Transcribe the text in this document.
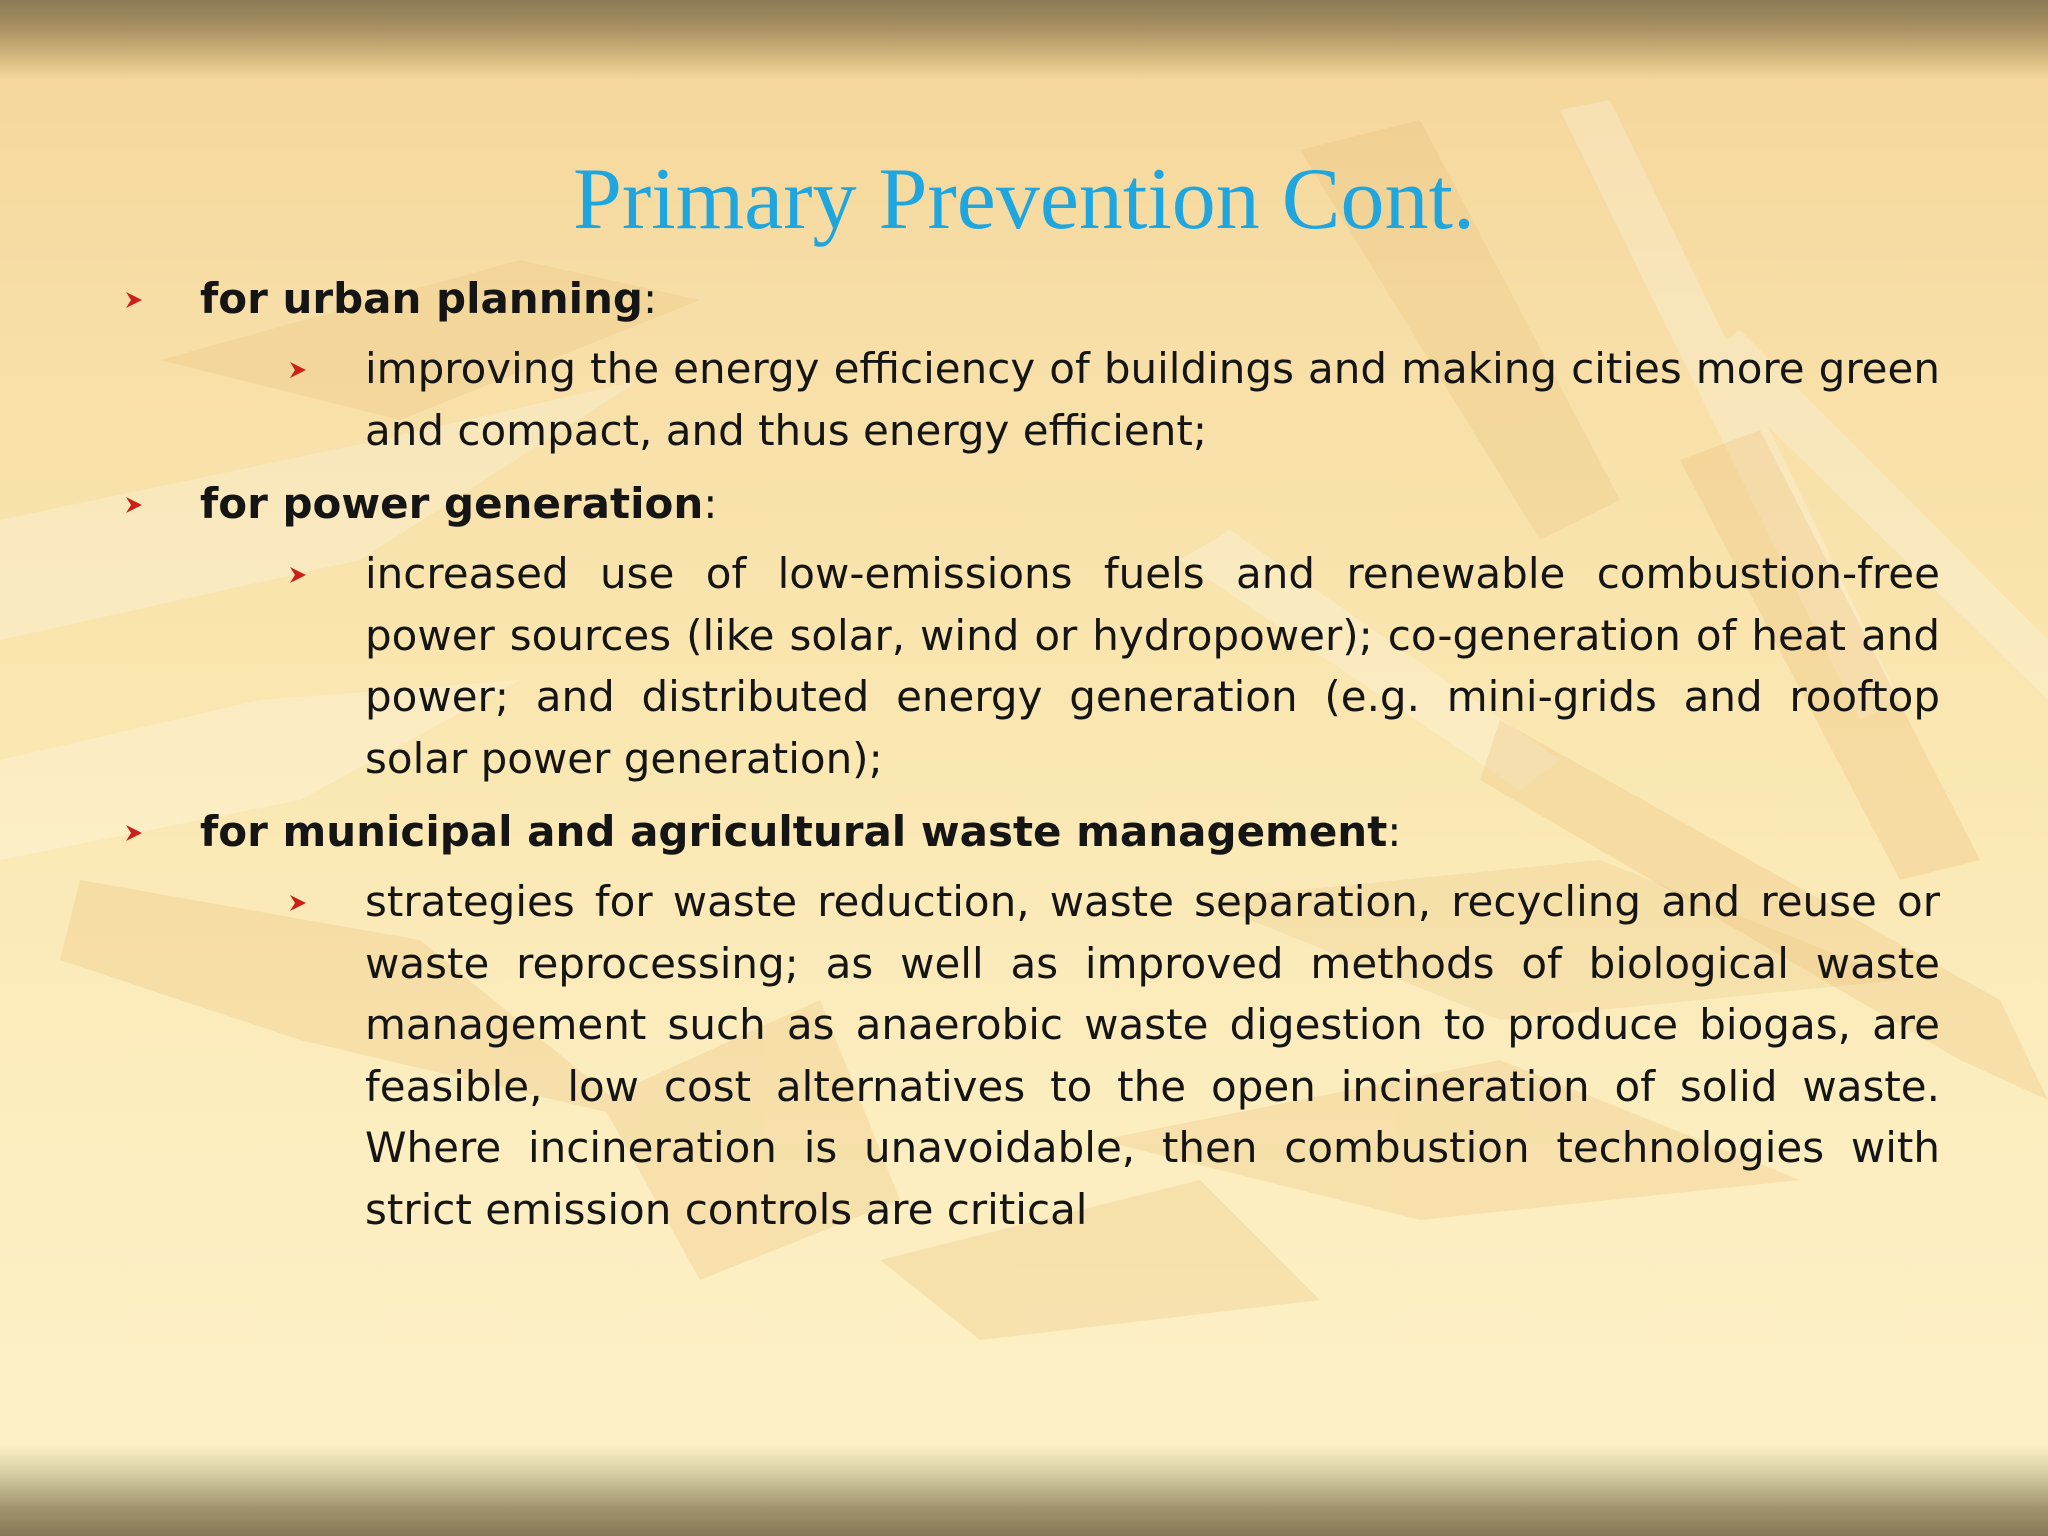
Primary Prevention Cont.
for urban planning:
improving the energy efficiency of buildings and making cities more green and compact, and thus energy efficient;
for power generation:
increased use of low-emissions fuels and renewable combustion-free power sources (like solar, wind or hydropower); co-generation of heat and power; and distributed energy generation (e.g. mini-grids and rooftop solar power generation);
for municipal and agricultural waste management:
strategies for waste reduction, waste separation, recycling and reuse or waste reprocessing; as well as improved methods of biological waste management such as anaerobic waste digestion to produce biogas, are feasible, low cost alternatives to the open incineration of solid waste. Where incineration is unavoidable, then combustion technologies with strict emission controls are critical
